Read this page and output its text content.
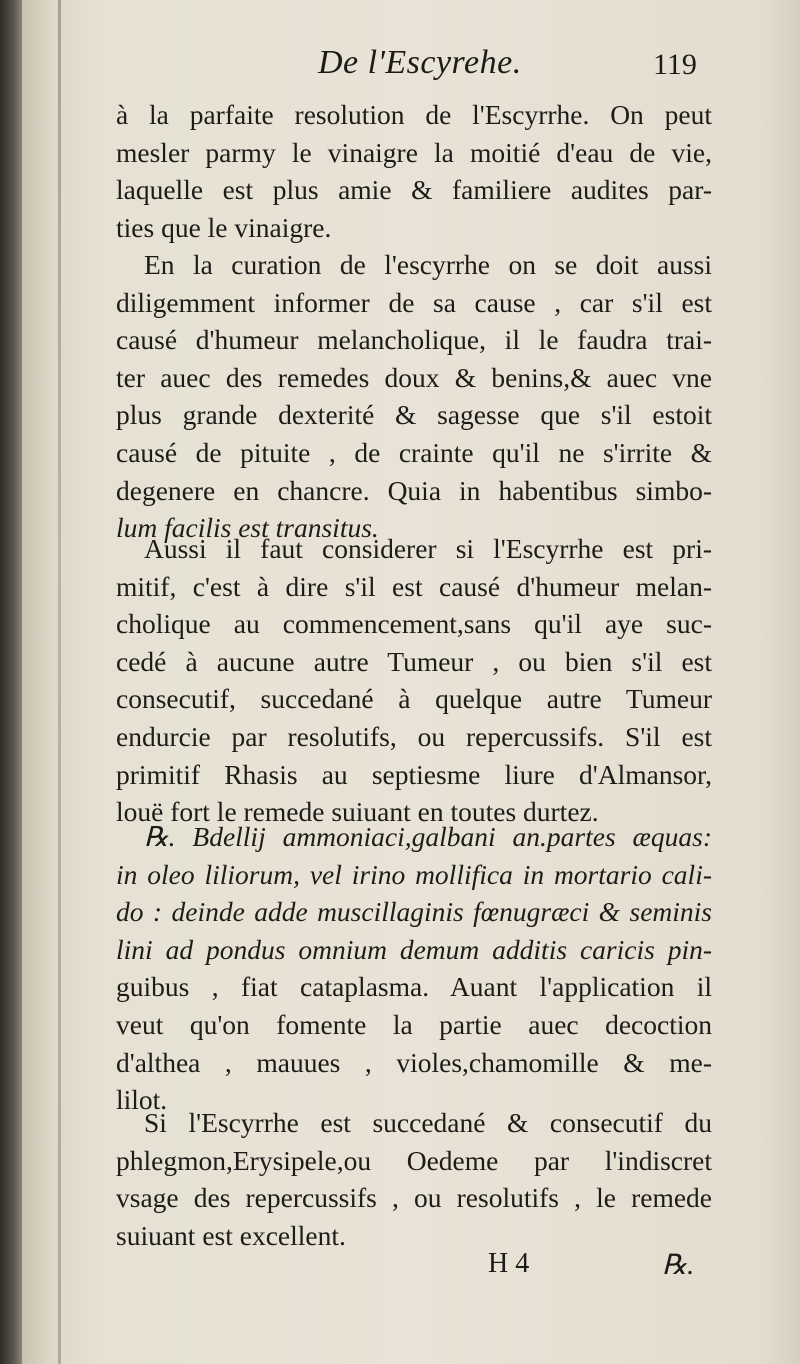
De l'Escyrehe.	119
à la parfaite resolution de l'Escyrrhe. On peut
mesler parmy le vinaigre la moitié d'eau de vie,
laquelle est plus amie & familiere audites par-
ties que le vinaigre.
En la curation de l'escyrrhe on se doit aussi
diligemment informer de sa cause , car s'il est
causé d'humeur melancholique, il le faudra trai-
ter auec des remedes doux & benins,& auec vne
plus grande dexterité & sagesse que s'il estoit
causé de pituite , de crainte qu'il ne s'irrite &
degenere en chancre. Quia in habentibus simbo-
lum facilis est transitus.
Aussi il faut considerer si l'Escyrrhe est pri-
mitif, c'est à dire s'il est causé d'humeur melan-
cholique au commencement,sans qu'il aye suc-
cedé à aucune autre Tumeur , ou bien s'il est
consecutif, succedané à quelque autre Tumeur
endurcie par resolutifs, ou repercussifs. S'il est
primitif Rhasis au septiesme liure d'Almansor,
louë fort le remede suiuant en toutes durtez.
℞. Bdellij ammoniaci,galbani an.partes æquas:
in oleo liliorum, vel irino mollifica in mortario cali-
do : deinde adde muscillaginis fœnugræci & seminis
lini ad pondus omnium demum additis caricis pin-
guibus , fiat cataplasma. Auant l'application il
veut qu'on fomente la partie auec decoction
d'althea , mauues , violes,chamomille & me-
lilot.
Si l'Escyrrhe est succedané & consecutif du
phlegmon,Erysipele,ou Oedeme par l'indiscret
vsage des repercussifs , ou resolutifs , le remede
suiuant est excellent.
H 4	℞.
